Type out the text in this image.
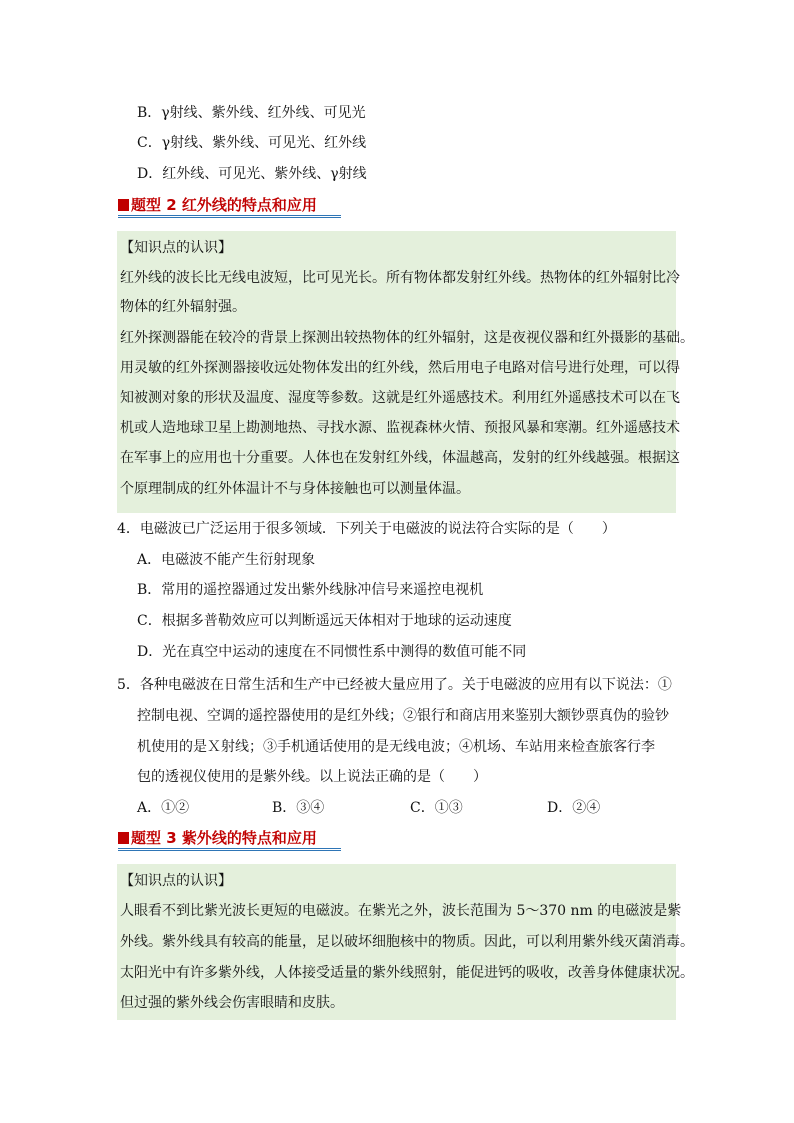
B．γ射线、紫外线、红外线、可见光
C．γ射线、紫外线、可见光、红外线
D．红外线、可见光、紫外线、γ射线
题型 2 红外线的特点和应用
【知识点的认识】
红外线的波长比无线电波短，比可见光长。所有物体都发射红外线。热物体的红外辐射比冷
物体的红外辐射强。
红外探测器能在较冷的背景上探测出较热物体的红外辐射，这是夜视仪器和红外摄影的基础。
用灵敏的红外探测器接收远处物体发出的红外线，然后用电子电路对信号进行处理，可以得
知被测对象的形状及温度、湿度等参数。这就是红外遥感技术。利用红外遥感技术可以在飞
机或人造地球卫星上勘测地热、寻找水源、监视森林火情、预报风暴和寒潮。红外遥感技术
在军事上的应用也十分重要。人体也在发射红外线，体温越高，发射的红外线越强。根据这
个原理制成的红外体温计不与身体接触也可以测量体温。
4．电磁波已广泛运用于很多领域．下列关于电磁波的说法符合实际的是（　　）
A．电磁波不能产生衍射现象
B．常用的遥控器通过发出紫外线脉冲信号来遥控电视机
C．根据多普勒效应可以判断遥远天体相对于地球的运动速度
D．光在真空中运动的速度在不同惯性系中测得的数值可能不同
5．各种电磁波在日常生活和生产中已经被大量应用了。关于电磁波的应用有以下说法：①
控制电视、空调的遥控器使用的是红外线；②银行和商店用来鉴别大额钞票真伪的验钞
机使用的是Ｘ射线；③手机通话使用的是无线电波；④机场、车站用来检查旅客行李
包的透视仪使用的是紫外线。以上说法正确的是（　　）
A．①②	B．③④	C．①③	D．②④
题型 3 紫外线的特点和应用
【知识点的认识】
人眼看不到比紫光波长更短的电磁波。在紫光之外，波长范围为 5～370 nm 的电磁波是紫
外线。紫外线具有较高的能量，足以破坏细胞核中的物质。因此，可以利用紫外线灭菌消毒。
太阳光中有许多紫外线，人体接受适量的紫外线照射，能促进钙的吸收，改善身体健康状况。
但过强的紫外线会伤害眼睛和皮肤。
